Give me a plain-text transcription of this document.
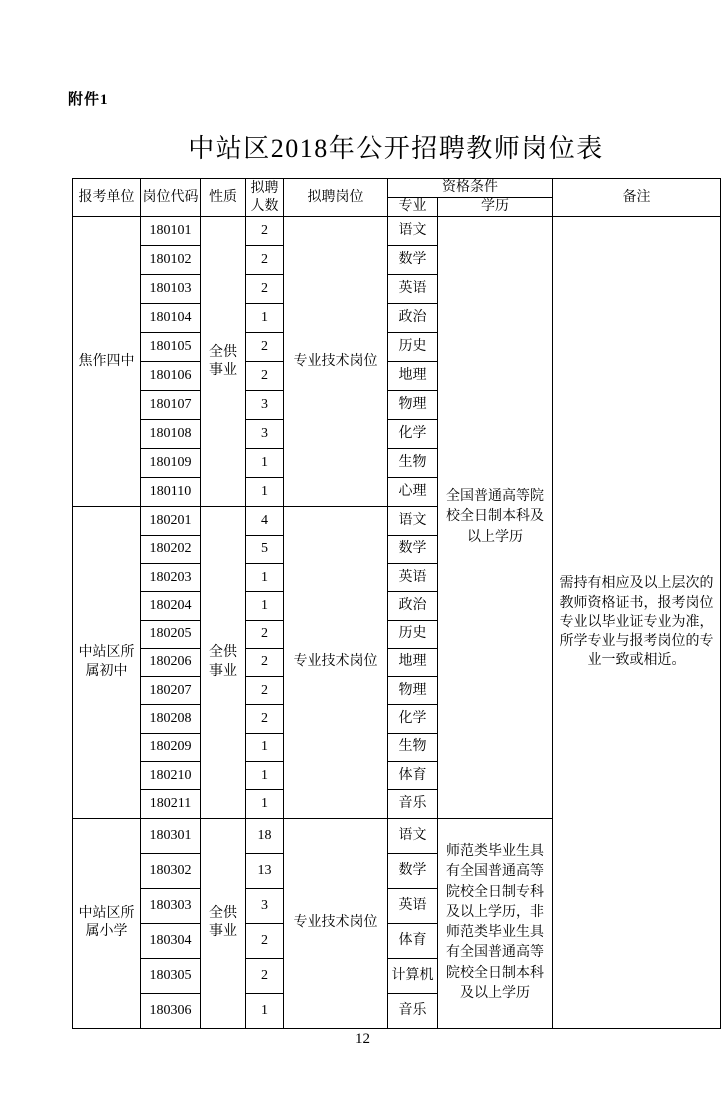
附件1
中站区2018年公开招聘教师岗位表
报考单位	岗位代码	性质	拟聘人数	拟聘岗位	资格条件		备注
					专业	学历	

焦作四中	180101	全供事业	2	专业技术岗位	语文	全国普通高等院校全日制本科及以上学历	需持有相应及以上层次的教师资格证书，报考岗位专业以毕业证专业为准，所学专业与报考岗位的专业一致或相近。

	180102		2		数学		

	180103		2		英语		

	180104		1		政治		

	180105		2		历史		

	180106		2		地理		

	180107		3		物理		

	180108		3		化学		

	180109		1		生物		

	180110		1		心理		

中站区所属初中	180201	全供事业	4	专业技术岗位	语文		

	180202		5		数学		

	180203		1		英语		

	180204		1		政治		

	180205		2		历史		

	180206		2		地理		

	180207		2		物理		

	180208		2		化学		

	180209		1		生物		

	180210		1		体育		

	180211		1		音乐		

中站区所属小学	180301	全供事业	18	专业技术岗位	语文	师范类毕业生具有全国普通高等院校全日制专科及以上学历，非师范类毕业生具有全国普通高等院校全日制本科及以上学历	

	180302		13		数学		

	180303		3		英语		

	180304		2		体育		

	180305		2		计算机		

	180306		1		音乐		
12
